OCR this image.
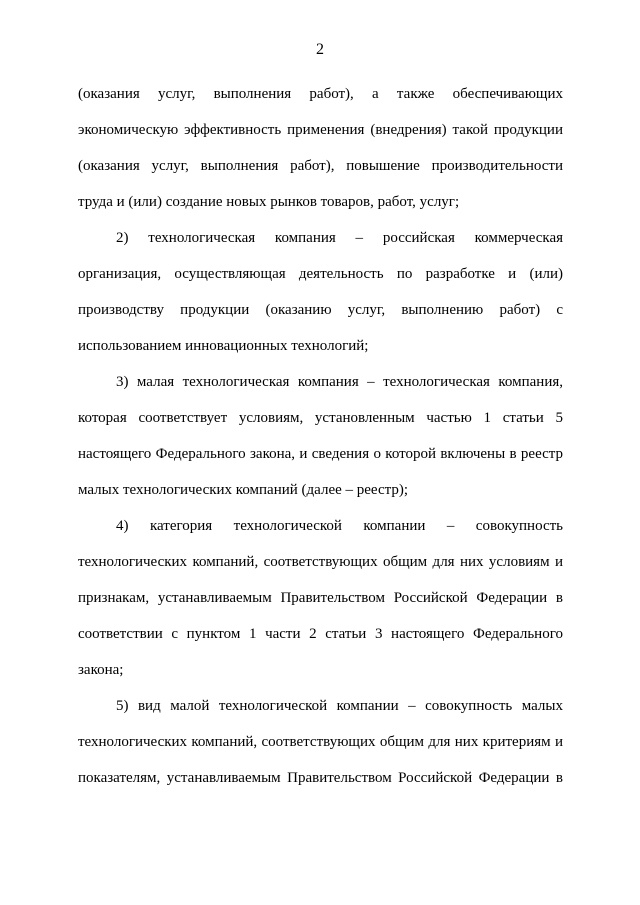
2
(оказания услуг, выполнения работ), а также обеспечивающих
экономическую эффективность применения (внедрения) такой продукции
(оказания услуг, выполнения работ), повышение производительности
труда и (или) создание новых рынков товаров, работ, услуг;
2) технологическая компания – российская коммерческая
организация, осуществляющая деятельность по разработке и (или)
производству продукции (оказанию услуг, выполнению работ) с
использованием инновационных технологий;
3) малая технологическая компания – технологическая компания,
которая соответствует условиям, установленным частью 1 статьи 5
настоящего Федерального закона, и сведения о которой включены в реестр
малых технологических компаний (далее – реестр);
4) категория технологической компании – совокупность
технологических компаний, соответствующих общим для них условиям и
признакам, устанавливаемым Правительством Российской Федерации в
соответствии с пунктом 1 части 2 статьи 3 настоящего Федерального
закона;
5) вид малой технологической компании – совокупность малых
технологических компаний, соответствующих общим для них критериям и
показателям, устанавливаемым Правительством Российской Федерации в
